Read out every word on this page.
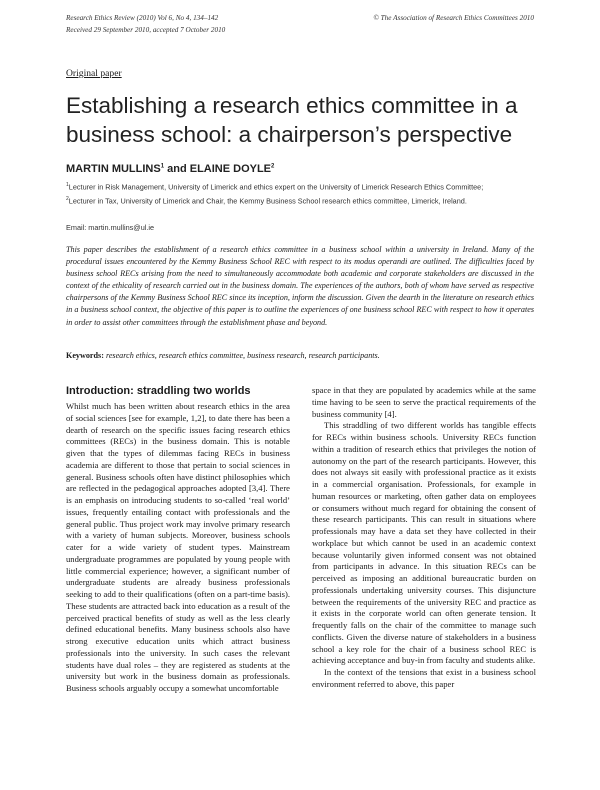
Research Ethics Review (2010) Vol 6, No 4, 134–142	© The Association of Research Ethics Committees 2010
Received 29 September 2010, accepted 7 October 2010
Original paper
Establishing a research ethics committee in a business school: a chairperson’s perspective
MARTIN MULLINS$^1$ and ELAINE DOYLE$^2$
$^1$Lecturer in Risk Management, University of Limerick and ethics expert on the University of Limerick Research Ethics Committee;
$^2$Lecturer in Tax, University of Limerick and Chair, the Kemmy Business School research ethics committee, Limerick, Ireland.
Email: martin.mullins@ul.ie

This paper describes the establishment of a research ethics committee in a business school within a university in Ireland. Many of the procedural issues encountered by the Kemmy Business School REC with respect to its modus operandi are outlined. The difficulties faced by business school RECs arising from the need to simultaneously accommodate both academic and corporate stakeholders are discussed in the context of the ethicality of research carried out in the business domain. The experiences of the authors, both of whom have served as respective chairpersons of the Kemmy Business School REC since its inception, inform the discussion. Given the dearth in the literature on research ethics in a business school context, the objective of this paper is to outline the experiences of one business school REC with respect to how it operates in order to assist other committees through the establishment phase and beyond.

Keywords: research ethics, research ethics committee, business research, research participants.
Introduction: straddling two worlds

Whilst much has been written about research ethics in the area of social sciences [see for example, 1,2], to date there has been a dearth of research on the specific issues facing research ethics committees (RECs) in the business domain. This is notable given that the types of dilemmas facing RECs in business academia are different to those that pertain to social sciences in general. Business schools often have distinct philosophies which are reflected in the pedagogical approaches adopted [3,4]. There is an emphasis on introducing students to so-called ‘real world’ issues, frequently entailing contact with professionals and the general public. Thus project work may involve primary research with a variety of human subjects. Moreover, business schools cater for a wide variety of student types. Mainstream undergraduate programmes are populated by young people with little commercial experience; however, a significant number of undergraduate students are already business professionals seeking to add to their qualifications (often on a part-time basis). These students are attracted back into education as a result of the perceived practical benefits of study as well as the less clearly defined educational benefits. Many business schools also have strong executive education units which attract business professionals into the university. In such cases the relevant students have dual roles – they are registered as students at the university but work in the business domain as professionals. Business schools arguably occupy a somewhat uncomfortable

space in that they are populated by academics while at the same time having to be seen to serve the practical requirements of the business community [4].

This straddling of two different worlds has tangible effects for RECs within business schools. University RECs function within a tradition of research ethics that privileges the notion of autonomy on the part of the research participants. However, this does not always sit easily with professional practice as it exists in a commercial organisation. Professionals, for example in human resources or marketing, often gather data on employees or consumers without much regard for obtaining the consent of these research participants. This can result in situations where professionals may have a data set they have collected in their workplace but which cannot be used in an academic context because voluntarily given informed consent was not obtained from participants in advance. In this situation RECs can be perceived as imposing an additional bureaucratic burden on professionals undertaking university courses. This disjuncture between the requirements of the university REC and practice as it exists in the corporate world can often generate tension. It frequently falls on the chair of the committee to manage such conflicts. Given the diverse nature of stakeholders in a business school a key role for the chair of a business school REC is achieving acceptance and buy-in from faculty and students alike.

In the context of the tensions that exist in a business school environment referred to above, this paper
